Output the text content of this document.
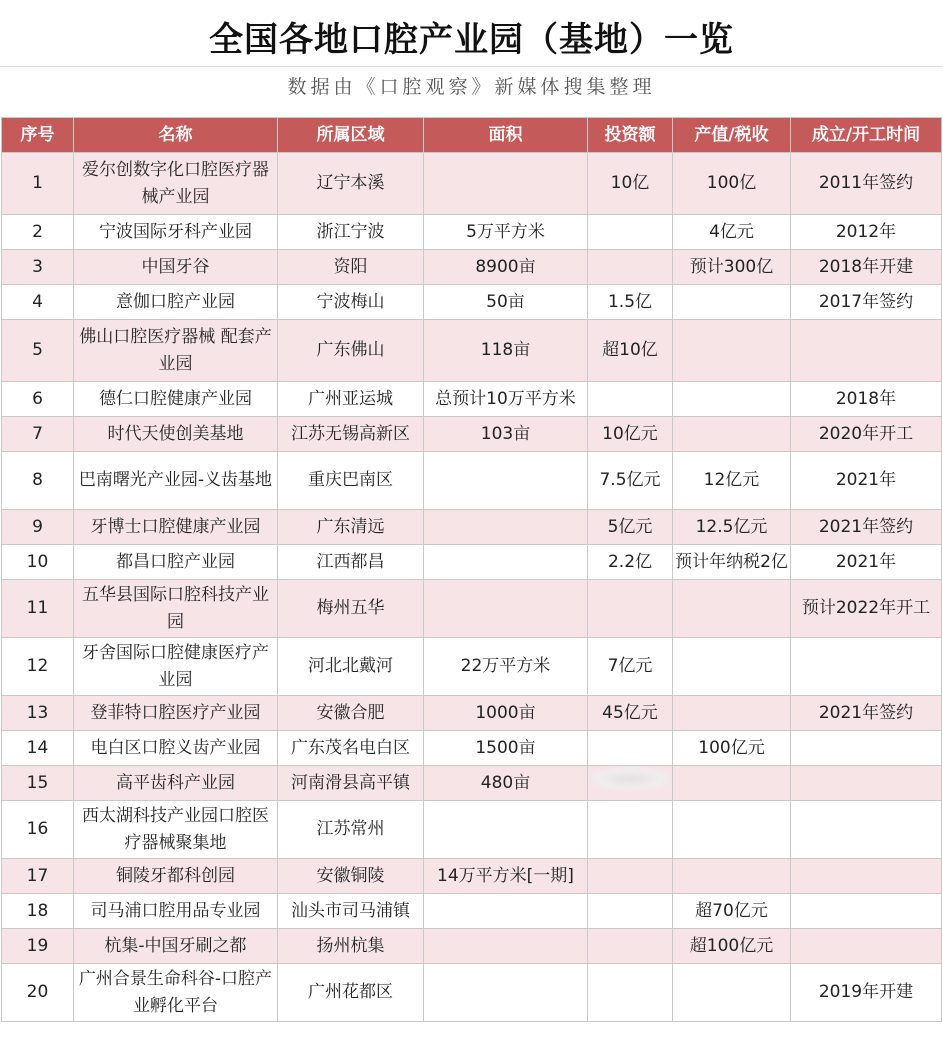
全国各地口腔产业园（基地）一览
数据由《口腔观察》新媒体搜集整理
序号	名称	所属区域	面积	投资额	产值/税收	成立/开工时间
1	爱尔创数字化口腔医疗器械产业园	辽宁本溪		10亿	100亿	2011年签约
2	宁波国际牙科产业园	浙江宁波	5万平方米		4亿元	2012年
3	中国牙谷	资阳	8900亩		预计300亿	2018年开建
4	意伽口腔产业园	宁波梅山	50亩	1.5亿		2017年签约
5	佛山口腔医疗器械 配套产业园	广东佛山	118亩	超10亿		
6	德仁口腔健康产业园	广州亚运城	总预计10万平方米			2018年
7	时代天使创美基地	江苏无锡高新区	103亩	10亿元		2020年开工
8	巴南曙光产业园-义齿基地	重庆巴南区		7.5亿元	12亿元	2021年
9	牙博士口腔健康产业园	广东清远		5亿元	12.5亿元	2021年签约
10	都昌口腔产业园	江西都昌		2.2亿	预计年纳税2亿	2021年
11	五华县国际口腔科技产业园	梅州五华				预计2022年开工
12	牙舍国际口腔健康医疗产业园	河北北戴河	22万平方米	7亿元		
13	登菲特口腔医疗产业园	安徽合肥	1000亩	45亿元		2021年签约
14	电白区口腔义齿产业园	广东茂名电白区	1500亩		100亿元	
15	高平齿科产业园	河南滑县高平镇	480亩			
16	西太湖科技产业园口腔医疗器械聚集地	江苏常州				
17	铜陵牙都科创园	安徽铜陵	14万平方米[一期]			
18	司马浦口腔用品专业园	汕头市司马浦镇			超70亿元	
19	杭集-中国牙刷之都	扬州杭集			超100亿元	
20	广州合景生命科谷-口腔产业孵化平台	广州花都区				2019年开建
